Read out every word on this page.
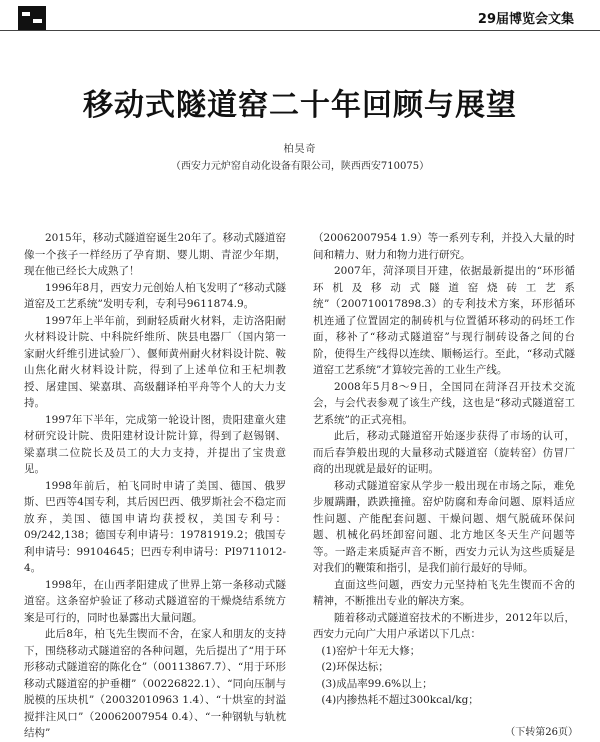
29届博览会文集
移动式隧道窑二十年回顾与展望
柏昊奇
（西安力元炉窑自动化设备有限公司，陕西西安710075）

2015年，移动式隧道窑诞生20年了。移动式隧道窑像一个孩子一样经历了孕育期、婴儿期、青涩少年期，现在他已经长大成熟了！

1996年8月，西安力元创始人柏飞发明了“移动式隧道窑及工艺系统”发明专利，专利号9611874.9。

1997年上半年前，到耐轻质耐火材料，走访洛阳耐火材料设计院、中科院纤维所、陕县电器厂（国内第一家耐火纤维引进试验厂）、偃师黄州耐火材料设计院、鞍山焦化耐火材料设计院，得到了上述单位和王杞圳教授、屠建国、梁嘉琪、高级翻译柏平舟等个人的大力支持。

1997年下半年，完成第一轮设计图，贵阳建童火建材研究设计院、贵阳建材设计院计算，得到了赵锡钢、梁嘉琪二位院长及员工的大力支持，并提出了宝贵意见。

1998年前后，柏飞同时申请了美国、德国、俄罗斯、巴西等4国专利，其后因巴西、俄罗斯社会不稳定而放弃，美国、德国申请均获授权，美国专利号：09/242,138；德国专利申请号：19781919.2；俄国专利申请号：99104645；巴西专利申请号：PI9711012-4。

1998年，在山西孝阳建成了世界上第一条移动式隧道窑。这条窑炉验证了移动式隧道窑的干燥烧结系统方案是可行的，同时也暴露出大量问题。

此后8年，柏飞先生锲而不舍，在家人和朋友的支持下，围绕移动式隧道窑的各种问题，先后提出了“用于环形移动式隧道窑的陈化仓”（00113867.7）、“用于环形移动式隧道窑的护垂棚”（00226822.1）、“同向压制与脱模的压块机”（20032010963 1.4）、“十烘室的封溢搅拌注风口”（20062007954 0.4）、“一种钢轨与轨枕结构”

（20062007954 1.9）等一系列专利，并投入大量的时间和精力、财力和物力进行研究。

2007年，菏泽项目开建，依据最新提出的“环形循环机及移动式隧道窑烧砖工艺系统”（200710017898.3）的专利技术方案，环形循环机连通了位置固定的制砖机与位置循环移动的码坯工作面，移补了“移动式隧道窑”与现行制砖设备之间的台阶，使得生产线得以连续、顺畅运行。至此，“移动式隧道窑工艺系统”才算较完善的工业生产线。

2008年5月8～9日，全国同在菏泽召开技术交流会，与会代表参观了该生产线，这也是“移动式隧道窑工艺系统”的正式亮相。

此后，移动式隧道窑开始逐步获得了市场的认可，而后春笋般出现的大量移动式隧道窑（旋转窑）仿冒厂商的出现就是最好的证明。

移动式隧道窑家从学步一般出现在市场之际，难免步履蹒跚，跌跌撞撞。窑炉防腐和寿命问题、原料适应性问题、产能配套问题、干燥问题、烟气脱硫环保问题、机械化码坯卸窑问题、北方地区冬天生产问题等等。一路走来质疑声音不断，西安力元认为这些质疑是对我们的鞭策和指引，是我们前行最好的导师。

直面这些问题，西安力元坚持柏飞先生锲而不舍的精神，不断推出专业的解决方案。

随着移动式隧道窑技术的不断进步，2012年以后，西安力元向广大用户承诺以下几点：

(1)窑炉十年无大修；

(2)环保达标；

(3)成品率99.6%以上；

(4)内掺热耗不超过300kcal/kg；

（下转第26页）
